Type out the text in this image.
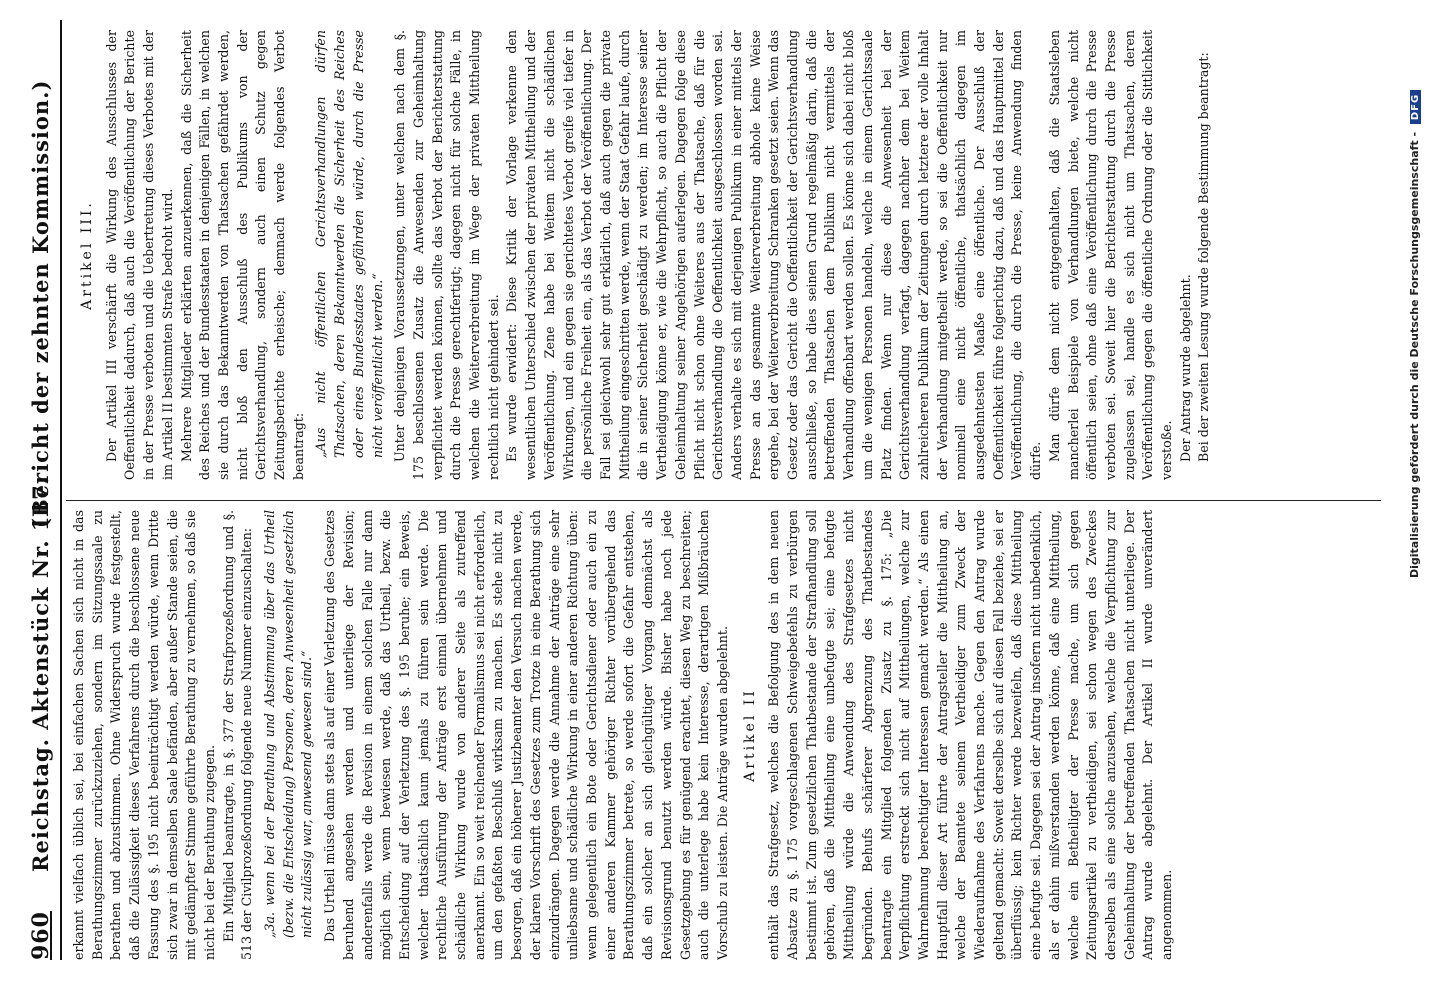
960
Reichstag. Aktenstück Nr. 117.
(Bericht der zehnten Kommission.)

erkannt vielfach üblich sei, bei einfachen Sachen sich nicht in das Berathungszimmer zurückzuziehen, sondern im Sitzungssaale zu berathen und abzustimmen. Ohne Widerspruch wurde festgestellt, daß die Zulässigkeit dieses Verfahrens durch die beschlossene neue Fassung des §. 195 nicht beeinträchtigt werden würde, wenn Dritte sich zwar in demselben Saale befänden, aber außer Stande seien, die mit gedämpfter Stimme geführte Berathung zu vernehmen, so daß sie nicht bei der Berathung zugegen. Ein Mitglied beantragte, in §. 377 der Strafprozeßordnung und §. 513 der Civilprozeßordnung folgende neue Nummer einzuschalten: „3a. wenn bei der Berathung und Abstimmung über das Urtheil (bezw. die Entscheidung) Personen, deren Anwesenheit gesetzlich nicht zulässig war, anwesend gewesen sind.“ Das Urtheil müsse dann stets als auf einer Verletzung des Gesetzes beruhend angesehen werden und unterliege der Revision; anderenfalls werde die Revision in einem solchen Falle nur dann möglich sein, wenn bewiesen werde, daß das Urtheil, bezw. die Entscheidung auf der Verletzung des §. 195 beruhe; ein Beweis, welcher thatsächlich kaum jemals zu führen sein werde. Die rechtliche Ausführung der Anträge erst einmal übernehmen und schädliche Wirkung wurde von anderer Seite als zutreffend anerkannt. Ein so weit reichender Formalismus sei nicht erforderlich, um den gefaßten Beschluß wirksam zu machen. Es stehe nicht zu besorgen, daß ein höherer Justizbeamter den Versuch machen werde, der klaren Vorschrift des Gesetzes zum Trotze in eine Berathung sich einzudrängen. Dagegen werde die Annahme der Anträge eine sehr unliebsame und schädliche Wirkung in einer anderen Richtung üben: wenn gelegentlich ein Bote oder Gerichtsdiener oder auch ein zu einer anderen Kammer gehöriger Richter vorübergehend das Berathungszimmer betrete, so werde sofort die Gefahr entstehen, daß ein solcher an sich gleichgültiger Vorgang demnächst als Revisionsgrund benutzt werden würde. Bisher habe noch jede Gesetzgebung es für genügend erachtet, diesen Weg zu beschreiten; auch die unterlege habe kein Interesse, derartigen Mißbräuchen Vorschub zu leisten. Die Anträge wurden abgelehnt. Artikel II enthält das Strafgesetz, welches die Befolgung des in dem neuen Absatze zu §. 175 vorgeschlagenen Schweigebefehls zu verbürgen bestimmt ist. Zum gesetzlichen Thatbestande der Strafhandlung soll gehören, daß die Mittheilung eine unbefugte sei; eine befugte Mittheilung würde die Anwendung des Strafgesetzes nicht begründen. Behufs schärferer Abgrenzung des Thatbestandes beantragte ein Mitglied folgenden Zusatz zu §. 175: „Die Verpflichtung erstreckt sich nicht auf Mittheilungen, welche zur Wahrnehmung berechtigter Interessen gemacht werden.“ Als einen Hauptfall dieser Art führte der Antragsteller die Mittheilung an, welche der Beamtete seinem Vertheidiger zum Zweck der Wiederaufnahme des Verfahrens mache. Gegen den Antrag wurde geltend gemacht: Soweit derselbe sich auf diesen Fall beziehe, sei er überflüssig; kein Richter werde bezweifeln, daß diese Mittheilung eine befugte sei. Dagegen sei der Antrag insofern nicht unbedenklich, als er dahin mißverstanden werden könne, daß eine Mittheilung, welche ein Betheiligter der Presse mache, um sich gegen Zeitungsartikel zu vertheidigen, sei schon wegen des Zweckes derselben als eine solche anzusehen, welche die Verpflichtung zur Geheimhaltung der betreffenden Thatsachen nicht unterliege. Der Antrag wurde abgelehnt. Der Artikel II wurde unverändert angenommen.

Artikel III. Der Artikel III verschärft die Wirkung des Ausschlusses der Oeffentlichkeit dadurch, daß auch die Veröffentlichung der Berichte in der Presse verboten und die Uebertretung dieses Verbotes mit der im Artikel II bestimmten Strafe bedroht wird. Mehrere Mitglieder erklärten anzuerkennen, daß die Sicherheit des Reiches und der Bundesstaaten in denjenigen Fällen, in welchen sie durch das Bekanntwerden von Thatsachen gefährdet werden, nicht bloß den Ausschluß des Publikums von der Gerichtsverhandlung, sondern auch einen Schutz gegen Zeitungsberichte erheische; demnach werde folgendes Verbot beantragt: „Aus nicht öffentlichen Gerichtsverhandlungen dürfen Thatsachen, deren Bekanntwerden die Sicherheit des Reiches oder eines Bundesstaates gefährden würde, durch die Presse nicht veröffentlicht werden.“ Unter denjenigen Voraussetzungen, unter welchen nach dem §. 175 beschlossenen Zusatz die Anwesenden zur Geheimhaltung verpflichtet werden können, sollte das Verbot der Berichterstattung durch die Presse gerechtfertigt; dagegen nicht für solche Fälle, in welchen die Weiterverbreitung im Wege der privaten Mittheilung rechtlich nicht gehindert sei. Es wurde erwidert: Diese Kritik der Vorlage verkenne den wesentlichen Unterschied zwischen der privaten Mittheilung und der Veröffentlichung. Zene habe bei Weitem nicht die schädlichen Wirkungen, und ein gegen sie gerichtetes Verbot greife viel tiefer in die persönliche Freiheit ein, als das Verbot der Veröffentlichung. Der Fall sei gleichwohl sehr gut erklärlich, daß auch gegen die private Mittheilung eingeschritten werde, wenn der Staat Gefahr laufe, durch die in seiner Sicherheit geschädigt zu werden; im Interesse seiner Vertheidigung könne er, wie die Wehrpflicht, so auch die Pflicht der Geheimhaltung seiner Angehörigen auferlegen. Dagegen folge diese Pflicht nicht schon ohne Weiteres aus der Thatsache, daß für die Gerichtsverhandlung die Oeffentlichkeit ausgeschlossen worden sei. Anders verhalte es sich mit derjenigen Publikum in einer mittels der Presse an das gesammte Weiterverbreitung abhole keine Weise ergehe, bei der Weiterverbreitung Schranken gesetzt seien. Wenn das Gesetz oder das Gericht die Oeffentlichkeit der Gerichtsverhandlung ausschließe, so habe dies seinen Grund regelmäßig darin, daß die betreffenden Thatsachen dem Publikum nicht vermittels der Verhandlung offenbart werden sollen. Es könne sich dabei nicht bloß um die wenigen Personen handeln, welche in einem Gerichtssaale Platz finden. Wenn nur diese die Anwesenheit bei der Gerichtsverhandlung verfagt, dagegen nachher dem bei Weitem zahlreicheren Publikum der Zeitungen durch letztere der volle Inhalt der Verhandlung mitgetheilt werde, so sei die Oeffentlichkeit nur nominell eine nicht öffentliche, thatsächlich dagegen im ausgedehntesten Maaße eine öffentliche. Der Ausschluß der Oeffentlichkeit führe folgerichtig dazu, daß und das Hauptmittel der Veröffentlichung, die durch die Presse, keine Anwendung finden dürfe. Man dürfe dem nicht entgegenhalten, daß die Staatsleben mancherlei Beispiele von Verhandlungen biete, welche nicht öffentlich seien, ohne daß eine Veröffentlichung durch die Presse verboten sei. Soweit hier die Berichterstattung durch die Presse zugelassen sei, handle es sich nicht um Thatsachen, deren Veröffentlichung gegen die öffentliche Ordnung oder die Sittlichkeit verstoße. Der Antrag wurde abgelehnt. Bei der zweiten Lesung wurde folgende Bestimmung beantragt:	Digitalisierung gefördert durch die Deutsche Forschungsgemeinschaft - DFG
